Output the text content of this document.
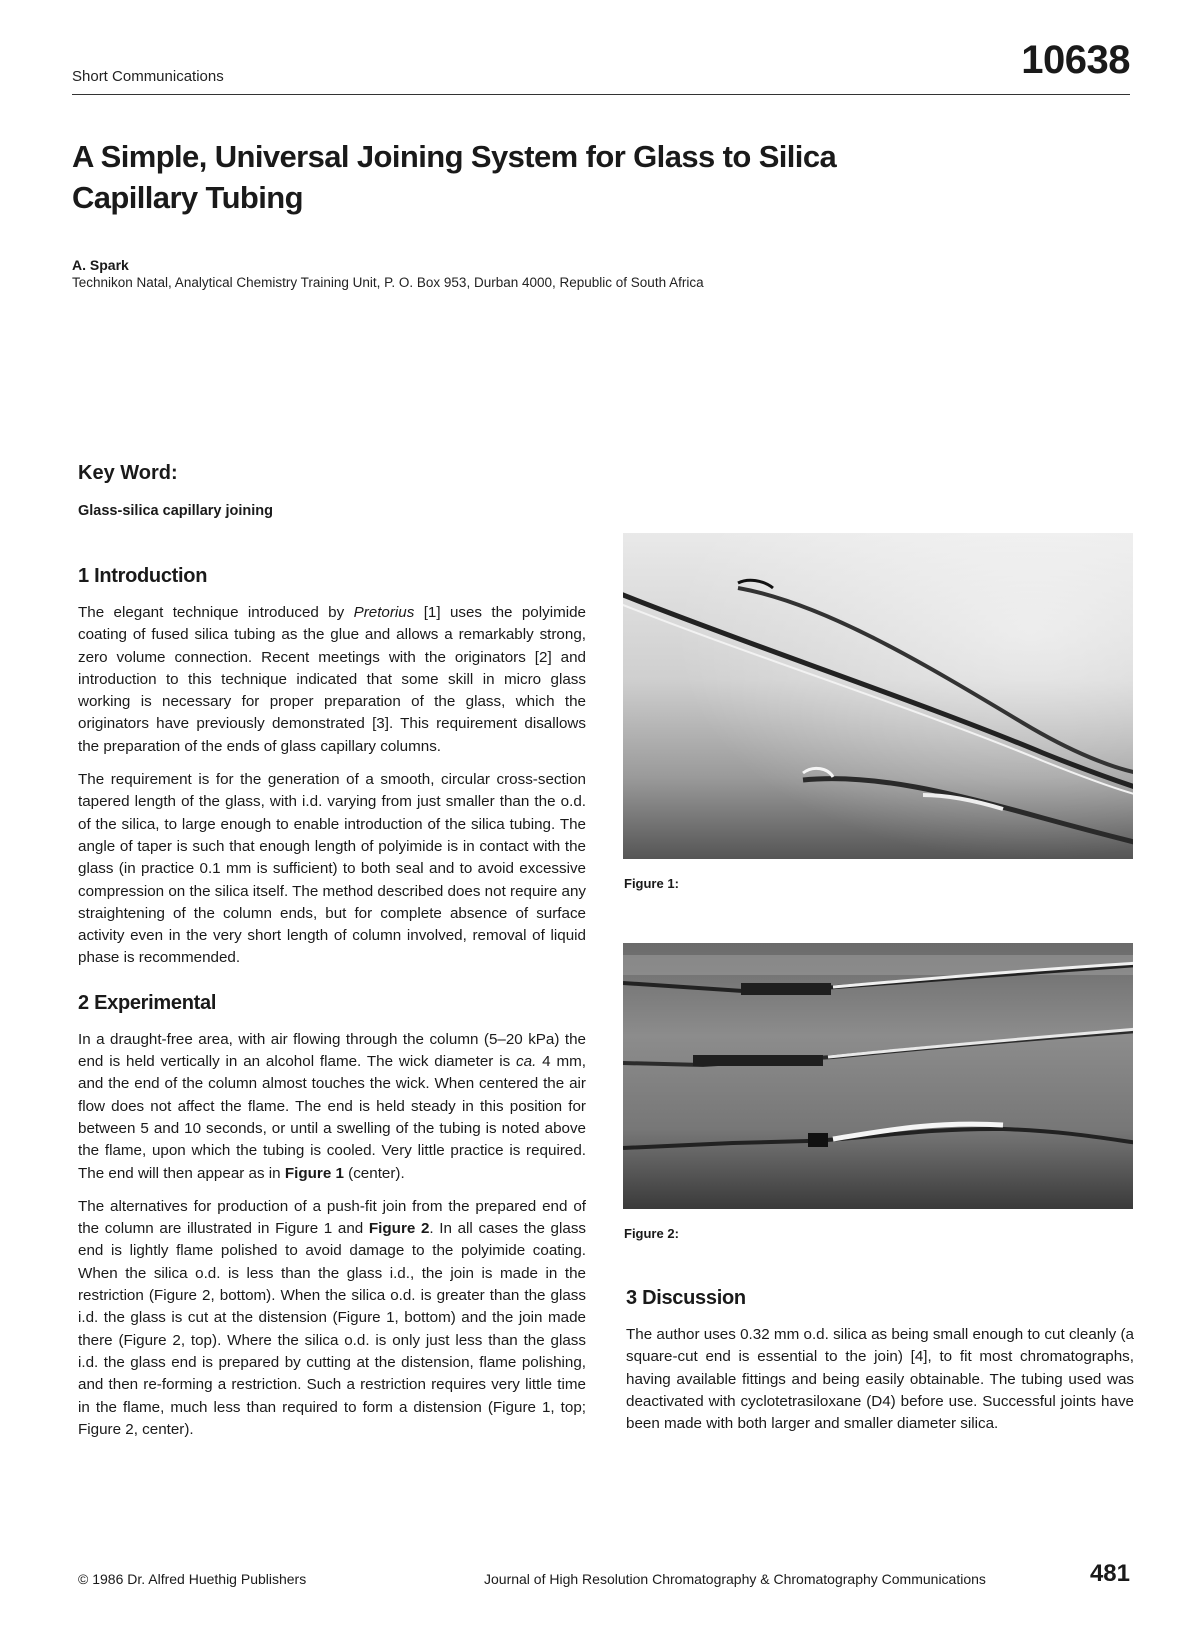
Short Communications	10638
A Simple, Universal Joining System for Glass to Silica Capillary Tubing
A. Spark
Technikon Natal, Analytical Chemistry Training Unit, P. O. Box 953, Durban 4000, Republic of South Africa
Key Word:
Glass-silica capillary joining
1 Introduction

The elegant technique introduced by Pretorius [1] uses the polyimide coating of fused silica tubing as the glue and allows a remarkably strong, zero volume connection. Recent meetings with the originators [2] and introduction to this technique indicated that some skill in micro glass working is necessary for proper preparation of the glass, which the originators have previously demonstrated [3]. This requirement disallows the preparation of the ends of glass capillary columns.

The requirement is for the generation of a smooth, circular cross-section tapered length of the glass, with i.d. varying from just smaller than the o.d. of the silica, to large enough to enable introduction of the silica tubing. The angle of taper is such that enough length of polyimide is in contact with the glass (in practice 0.1 mm is sufficient) to both seal and to avoid excessive compression on the silica itself. The method described does not require any straightening of the column ends, but for complete absence of surface activity even in the very short length of column involved, removal of liquid phase is recommended.

2 Experimental

In a draught-free area, with air flowing through the column (5–20 kPa) the end is held vertically in an alcohol flame. The wick diameter is ca. 4 mm, and the end of the column almost touches the wick. When centered the air flow does not affect the flame. The end is held steady in this position for between 5 and 10 seconds, or until a swelling of the tubing is noted above the flame, upon which the tubing is cooled. Very little practice is required. The end will then appear as in Figure 1 (center).

The alternatives for production of a push-fit join from the prepared end of the column are illustrated in Figure 1 and Figure 2. In all cases the glass end is lightly flame polished to avoid damage to the polyimide coating. When the silica o.d. is less than the glass i.d., the join is made in the restriction (Figure 2, bottom). When the silica o.d. is greater than the glass i.d. the glass is cut at the distension (Figure 1, bottom) and the join made there (Figure 2, top). Where the silica o.d. is only just less than the glass i.d. the glass end is prepared by cutting at the distension, flame polishing, and then re-forming a restriction. Such a restriction requires very little time in the flame, much less than required to form a distension (Figure 1, top; Figure 2, center).

Figure 1:
Figure 2:
3 Discussion

The author uses 0.32 mm o.d. silica as being small enough to cut cleanly (a square-cut end is essential to the join) [4], to fit most chromatographs, having available fittings and being easily obtainable. The tubing used was deactivated with cyclotetrasiloxane (D4) before use. Successful joints have been made with both larger and smaller diameter silica.

© 1986 Dr. Alfred Huethig Publishers	Journal of High Resolution Chromatography & Chromatography Communications	481
